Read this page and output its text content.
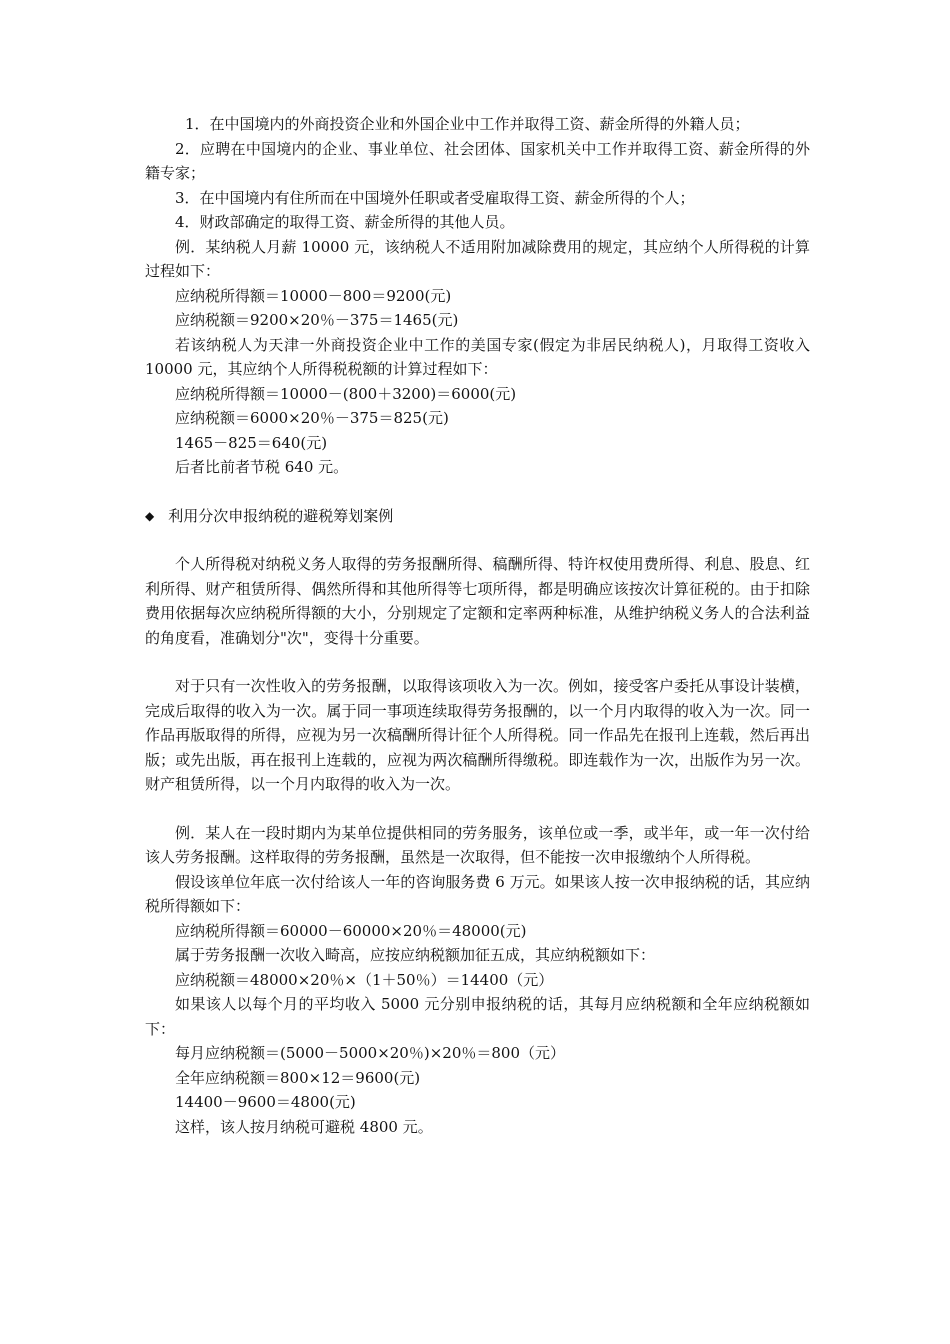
1．在中国境内的外商投资企业和外国企业中工作并取得工资、薪金所得的外籍人员；

2．应聘在中国境内的企业、事业单位、社会团体、国家机关中工作并取得工资、薪金所得的外籍专家；

3．在中国境内有住所而在中国境外任职或者受雇取得工资、薪金所得的个人；

4．财政部确定的取得工资、薪金所得的其他人员。

例．某纳税人月薪 10000 元，该纳税人不适用附加减除费用的规定，其应纳个人所得税的计算过程如下：

应纳税所得额＝10000－800＝9200(元)

应纳税额＝9200×20％－375＝1465(元)

若该纳税人为天津一外商投资企业中工作的美国专家(假定为非居民纳税人)，月取得工资收入 10000 元，其应纳个人所得税税额的计算过程如下：

应纳税所得额＝10000－(800＋3200)＝6000(元)

应纳税额＝6000×20％－375＝825(元)

1465－825＝640(元)

后者比前者节税 640 元。

◆ 利用分次申报纳税的避税筹划案例

个人所得税对纳税义务人取得的劳务报酬所得、稿酬所得、特许权使用费所得、利息、股息、红利所得、财产租赁所得、偶然所得和其他所得等七项所得，都是明确应该按次计算征税的。由于扣除费用依据每次应纳税所得额的大小，分别规定了定额和定率两种标准，从维护纳税义务人的合法利益的角度看，准确划分"次"，变得十分重要。

对于只有一次性收入的劳务报酬，以取得该项收入为一次。例如，接受客户委托从事设计装横，完成后取得的收入为一次。属于同一事项连续取得劳务报酬的，以一个月内取得的收入为一次。同一作品再版取得的所得，应视为另一次稿酬所得计征个人所得税。同一作品先在报刊上连载，然后再出版；或先出版，再在报刊上连载的，应视为两次稿酬所得缴税。即连载作为一次，出版作为另一次。财产租赁所得，以一个月内取得的收入为一次。

例．某人在一段时期内为某单位提供相同的劳务服务，该单位或一季，或半年，或一年一次付给该人劳务报酬。这样取得的劳务报酬，虽然是一次取得，但不能按一次申报缴纳个人所得税。

假设该单位年底一次付给该人一年的咨询服务费 6 万元。如果该人按一次申报纳税的话，其应纳税所得额如下：

应纳税所得额＝60000－60000×20％＝48000(元)

属于劳务报酬一次收入畸高，应按应纳税额加征五成，其应纳税额如下：

应纳税额＝48000×20％×（1＋50％）＝14400（元）

如果该人以每个月的平均收入 5000 元分别申报纳税的话，其每月应纳税额和全年应纳税额如下：

每月应纳税额＝(5000－5000×20％)×20％＝800（元）

全年应纳税额＝800×12＝9600(元)

14400－9600＝4800(元)

这样，该人按月纳税可避税 4800 元。
